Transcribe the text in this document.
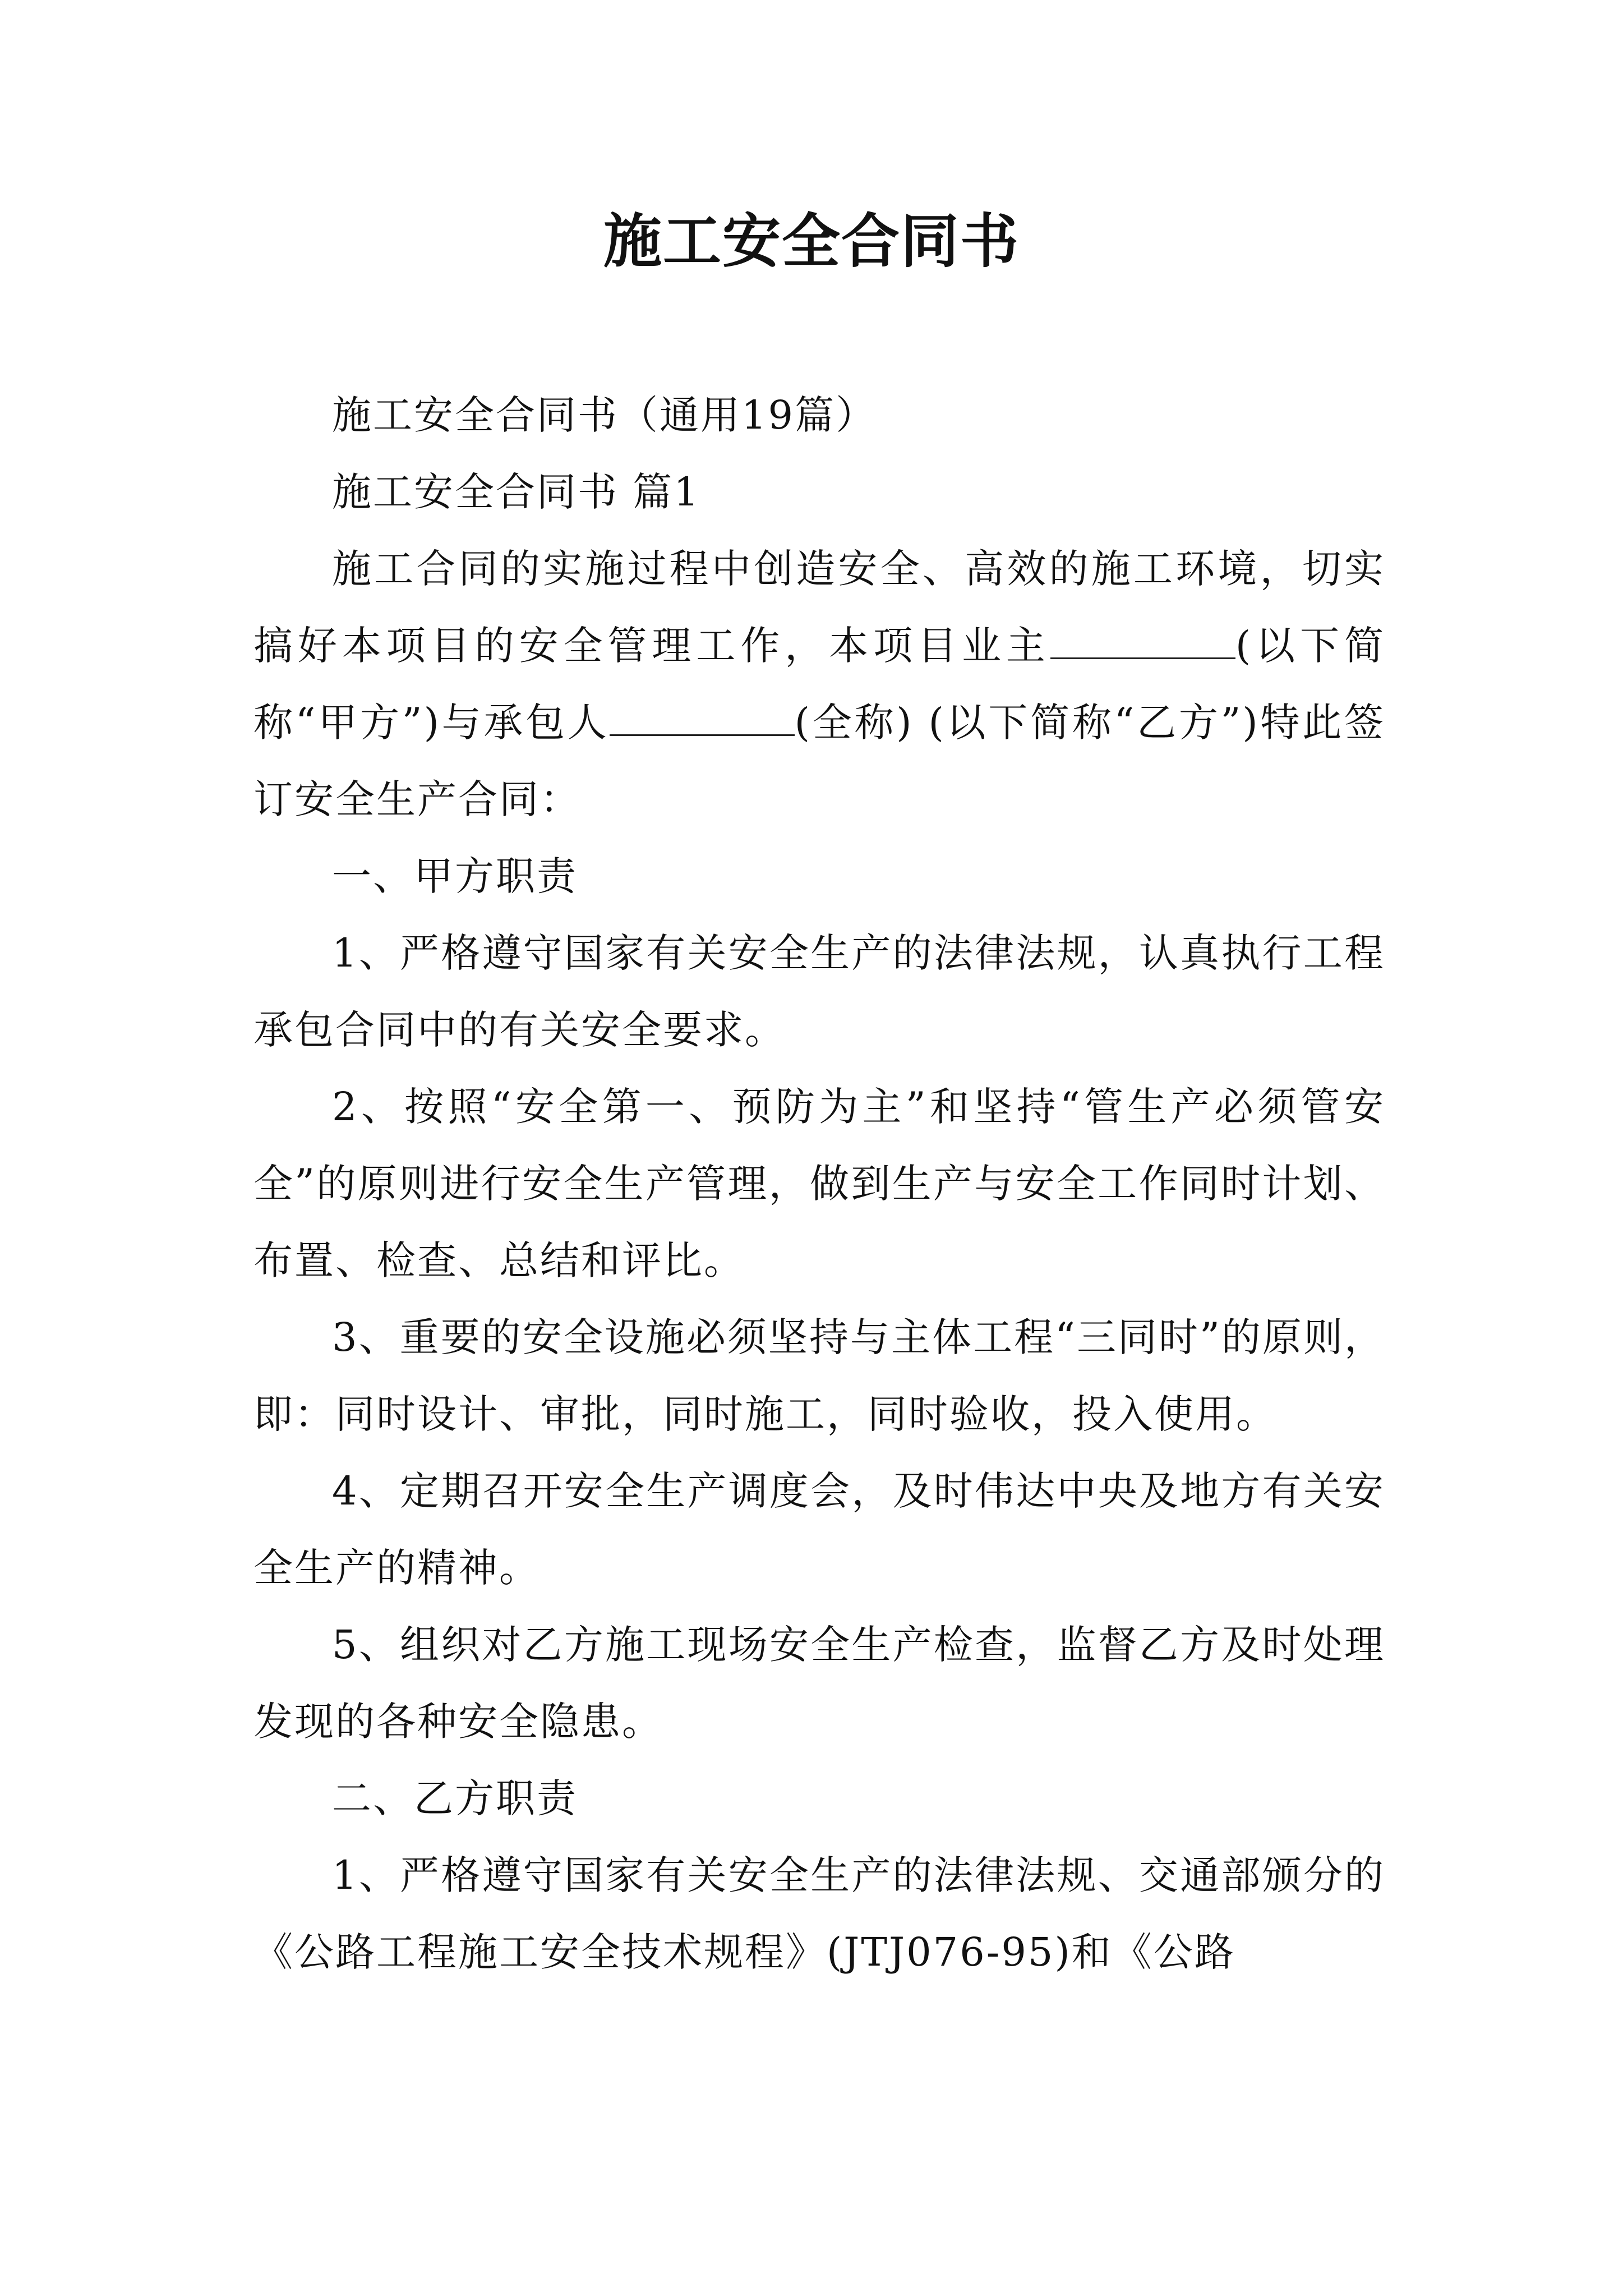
施工安全合同书

施工安全合同书（通用19篇）

施工安全合同书 篇1

施工合同的实施过程中创造安全、高效的施工环境，切实搞好本项目的安全管理工作，本项目业主	(以下简称“甲方”)与承包人	(全称) (以下简称“乙方”)特此签订安全生产合同：

一、甲方职责

1、严格遵守国家有关安全生产的法律法规，认真执行工程承包合同中的有关安全要求。

2、按照“安全第一、预防为主”和坚持“管生产必须管安全”的原则进行安全生产管理，做到生产与安全工作同时计划、布置、检查、总结和评比。

3、重要的安全设施必须坚持与主体工程“三同时”的原则，即：同时设计、审批，同时施工，同时验收，投入使用。

4、定期召开安全生产调度会，及时伟达中央及地方有关安全生产的精神。

5、组织对乙方施工现场安全生产检查，监督乙方及时处理发现的各种安全隐患。

二、乙方职责

1、严格遵守国家有关安全生产的法律法规、交通部颁分的《公路工程施工安全技术规程》(JTJ076-95)和《公路
